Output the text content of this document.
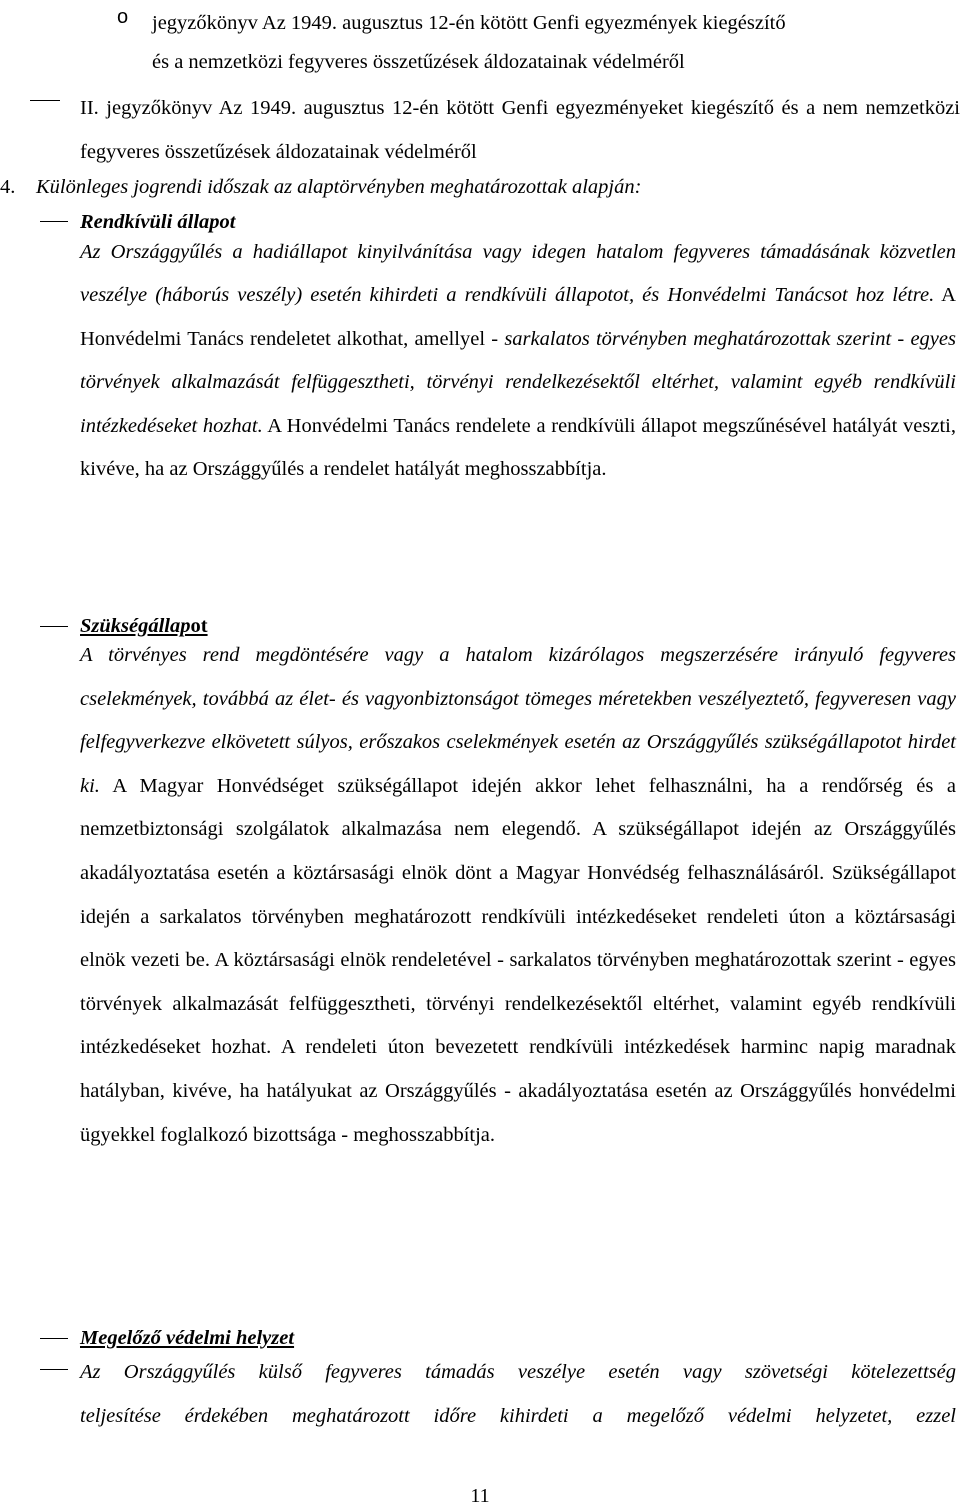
o jegyzőkönyv Az 1949. augusztus 12-én kötött Genfi egyezmények kiegészítő
és a nemzetközi fegyveres összetűzések áldozatainak védelméről
II. jegyzőkönyv Az 1949. augusztus 12-én kötött Genfi egyezményeket kiegészítő és a nem nemzetközi fegyveres összetűzések áldozatainak védelméről
4. Különleges jogrendi időszak az alaptörvényben meghatározottak alapján:
Rendkívüli állapot
Az Országgyűlés a hadiállapot kinyilvánítása vagy idegen hatalom fegyveres támadásának közvetlen veszélye (háborús veszély) esetén kihirdeti a rendkívüli állapotot, és Honvédelmi Tanácsot hoz létre. A Honvédelmi Tanács rendeletet alkothat, amellyel - sarkalatos törvényben meghatározottak szerint - egyes törvények alkalmazását felfüggesztheti, törvényi rendelkezésektől eltérhet, valamint egyéb rendkívüli intézkedéseket hozhat. A Honvédelmi Tanács rendelete a rendkívüli állapot megszűnésével hatályát veszti, kivéve, ha az Országgyűlés a rendelet hatályát meghosszabbítja.
Szükségállapot
A törvényes rend megdöntésére vagy a hatalom kizárólagos megszerzésére irányuló fegyveres cselekmények, továbbá az élet- és vagyonbiztonságot tömeges méretekben veszélyeztető, fegyveresen vagy felfegyverkezve elkövetett súlyos, erőszakos cselekmények esetén az Országgyűlés szükségállapotot hirdet ki. A Magyar Honvédséget szükségállapot idején akkor lehet felhasználni, ha a rendőrség és a nemzetbiztonsági szolgálatok alkalmazása nem elegendő. A szükségállapot idején az Országgyűlés akadályoztatása esetén a köztársasági elnök dönt a Magyar Honvédség felhasználásáról. Szükségállapot idején a sarkalatos törvényben meghatározott rendkívüli intézkedéseket rendeleti úton a köztársasági elnök vezeti be. A köztársasági elnök rendeletével - sarkalatos törvényben meghatározottak szerint - egyes törvények alkalmazását felfüggesztheti, törvényi rendelkezésektől eltérhet, valamint egyéb rendkívüli intézkedéseket hozhat. A rendeleti úton bevezetett rendkívüli intézkedések harminc napig maradnak hatályban, kivéve, ha hatályukat az Országgyűlés - akadályoztatása esetén az Országgyűlés honvédelmi ügyekkel foglalkozó bizottsága - meghosszabbítja.
Megelőző védelmi helyzet
Az Országgyűlés külső fegyveres támadás veszélye esetén vagy szövetségi kötelezettség
teljesítése érdekében meghatározott időre kihirdeti a megelőző védelmi helyzetet, ezzel
11
